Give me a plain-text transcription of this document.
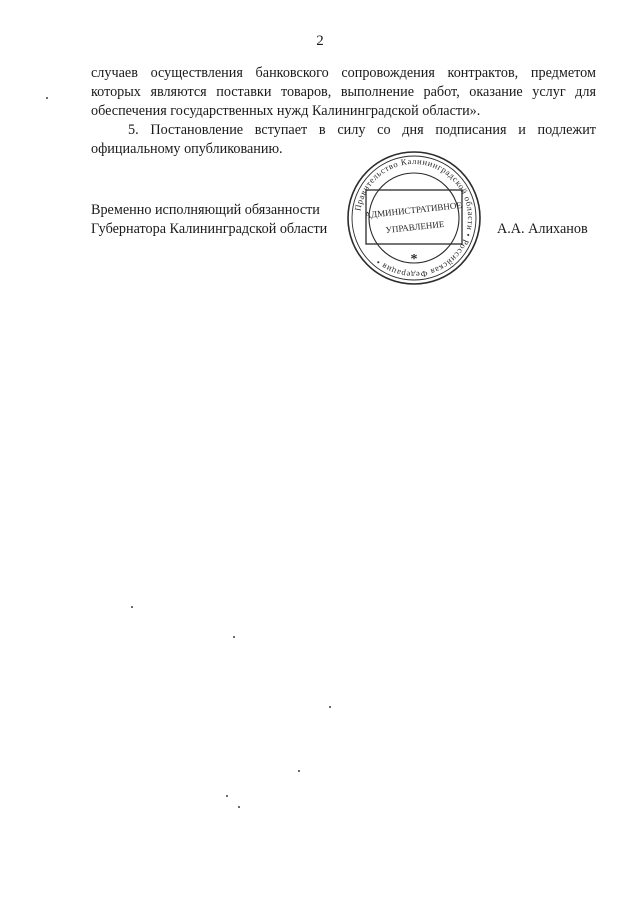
2

случаев осуществления банковского сопровождения контрактов, предметом которых являются поставки товаров, выполнение работ, оказание услуг для обеспечения государственных нужд Калининградской области».

5. Постановление вступает в силу со дня подписания и подлежит официальному опубликованию.

Временно исполняющий обязанности
Губернатора Калининградской области
Правительство Калининградской области • Российская Федерация •
АДМИНИСТРАТИВНОЕ
УПРАВЛЕНИЕ
*
А.А. Алиханов
